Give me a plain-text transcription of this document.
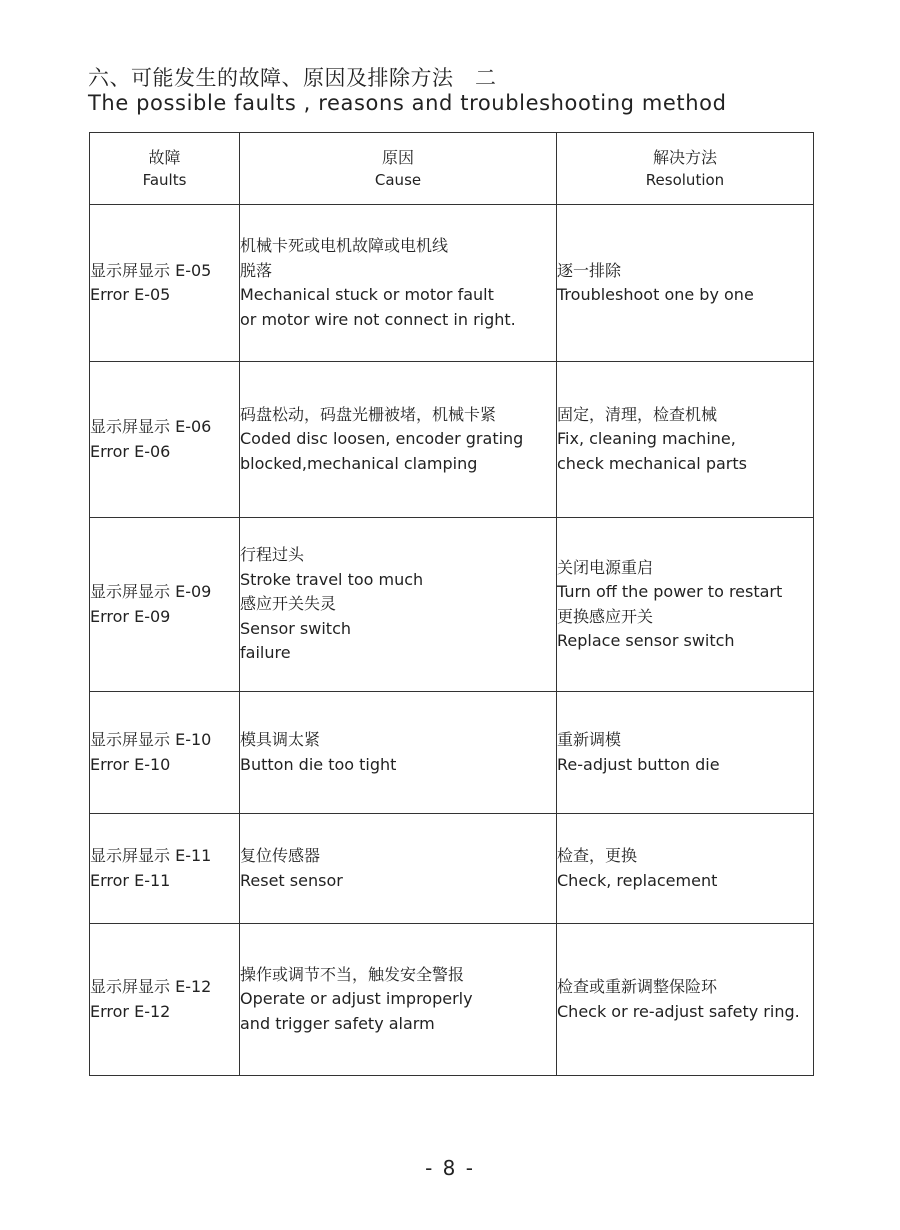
六、可能发生的故障、原因及排除方法　二
The possible faults , reasons and troubleshooting method
故障
Faults	原因
Cause	解决方法
Resolution

显示屏显示 E-05
Error E-05	机械卡死或电机故障或电机线
脱落
Mechanical stuck or motor fault
or motor wire not connect in right.	逐一排除
Troubleshoot one by one

显示屏显示 E-06
Error E-06	码盘松动，码盘光栅被堵，机械卡紧
Coded disc loosen, encoder grating
blocked,mechanical clamping	固定，清理，检查机械
Fix, cleaning machine,
check mechanical parts

显示屏显示 E-09
Error E-09	行程过头
Stroke travel too much
感应开关失灵
Sensor switch
failure	关闭电源重启
Turn off the power to restart
更换感应开关
Replace sensor switch

显示屏显示 E-10
Error E-10	模具调太紧
Button die too tight	重新调模
Re-adjust button die

显示屏显示 E-11
Error E-11	复位传感器
Reset sensor	检查，更换
Check, replacement

显示屏显示 E-12
Error E-12	操作或调节不当，触发安全警报
Operate or adjust improperly
and trigger safety alarm	检查或重新调整保险环
Check or re-adjust safety ring.
- 8 -
